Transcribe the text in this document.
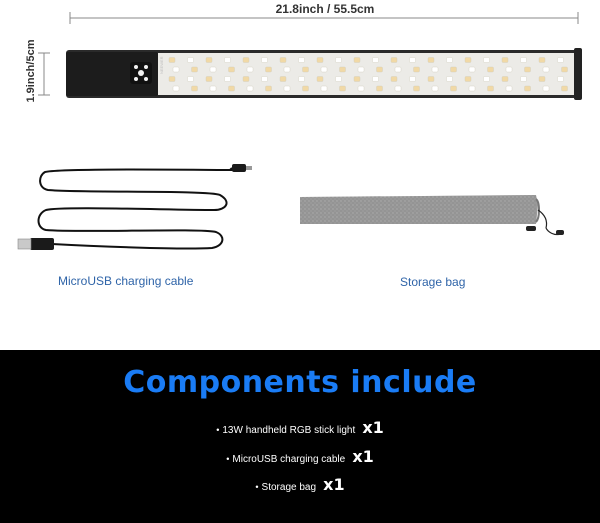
NEEWER
21.8inch / 55.5cm
1.9inch/5cm
MicroUSB charging cable	Storage bag
Components include
• 13W handheld RGB stick light x1
• MicroUSB charging cable x1
• Storage bag x1
